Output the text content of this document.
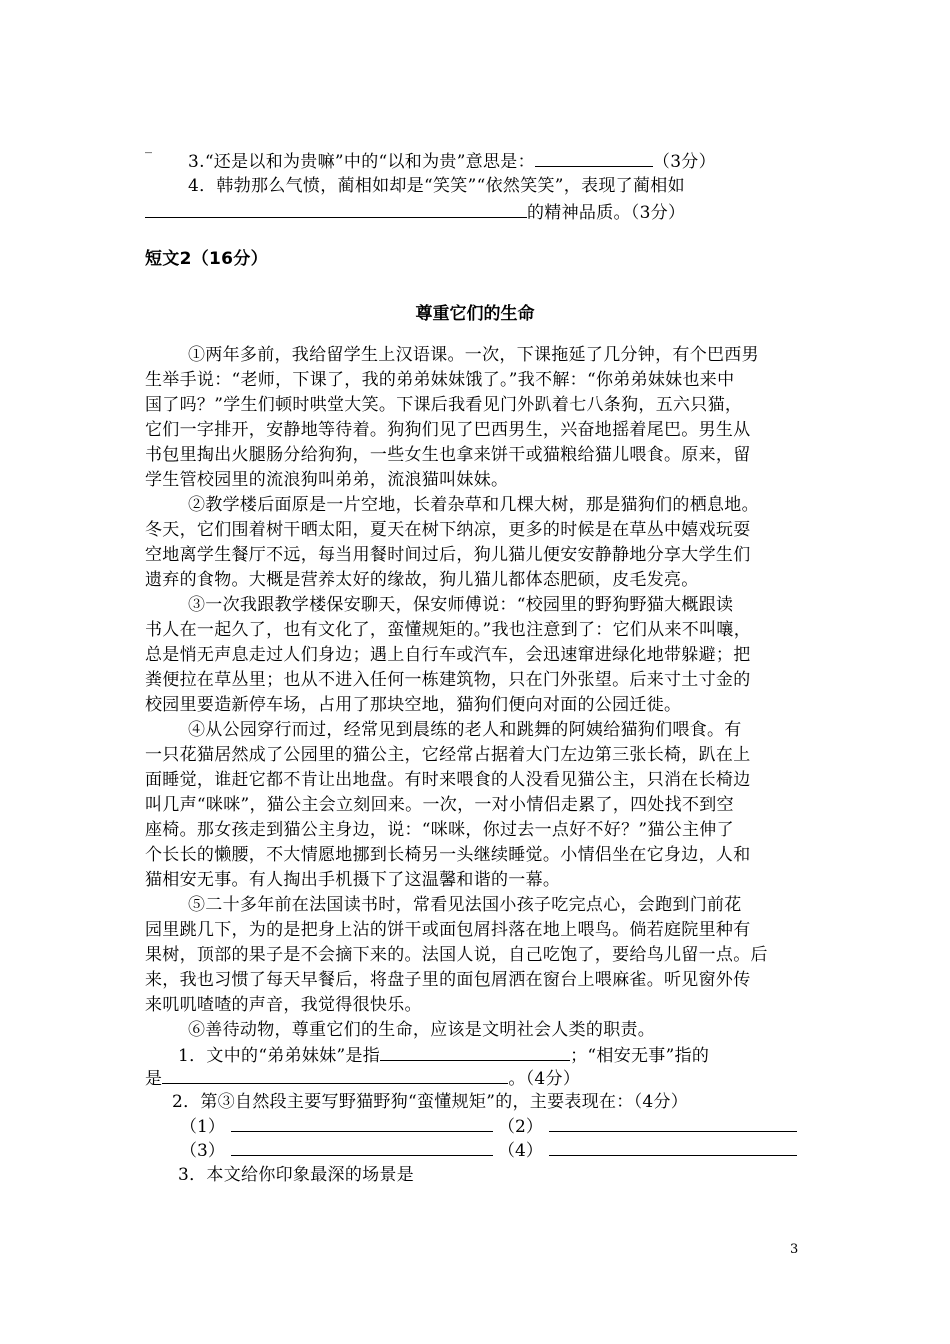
_
3.“还是以和为贵嘛”中的“以和为贵”意思是：	（3分）
4．韩勃那么气愤，蔺相如却是“笑笑”“依然笑笑”，表现了蔺相如
的精神品质。（3分）
短文2（16分）
尊重它们的生命
①两年多前，我给留学生上汉语课。一次，下课拖延了几分钟，有个巴西男
生举手说：“老师，下课了，我的弟弟妹妹饿了。”我不解：“你弟弟妹妹也来中
国了吗？”学生们顿时哄堂大笑。下课后我看见门外趴着七八条狗，五六只猫，
它们一字排开，安静地等待着。狗狗们见了巴西男生，兴奋地摇着尾巴。男生从
书包里掏出火腿肠分给狗狗，一些女生也拿来饼干或猫粮给猫儿喂食。原来，留
学生管校园里的流浪狗叫弟弟，流浪猫叫妹妹。
②教学楼后面原是一片空地，长着杂草和几棵大树，那是猫狗们的栖息地。
冬天，它们围着树干晒太阳，夏天在树下纳凉，更多的时候是在草丛中嬉戏玩耍
空地离学生餐厅不远，每当用餐时间过后，狗儿猫儿便安安静静地分享大学生们
遗弃的食物。大概是营养太好的缘故，狗儿猫儿都体态肥硕，皮毛发亮。
③一次我跟教学楼保安聊天，保安师傅说：“校园里的野狗野猫大概跟读
书人在一起久了，也有文化了，蛮懂规矩的。”我也注意到了：它们从来不叫嚷，
总是悄无声息走过人们身边；遇上自行车或汽车，会迅速窜进绿化地带躲避；把
粪便拉在草丛里；也从不进入任何一栋建筑物，只在门外张望。后来寸土寸金的
校园里要造新停车场，占用了那块空地，猫狗们便向对面的公园迁徙。
④从公园穿行而过，经常见到晨练的老人和跳舞的阿姨给猫狗们喂食。有
一只花猫居然成了公园里的猫公主，它经常占据着大门左边第三张长椅，趴在上
面睡觉，谁赶它都不肯让出地盘。有时来喂食的人没看见猫公主，只消在长椅边
叫几声“咪咪”，猫公主会立刻回来。一次，一对小情侣走累了，四处找不到空
座椅。那女孩走到猫公主身边，说：“咪咪，你过去一点好不好？”猫公主伸了
个长长的懒腰，不大情愿地挪到长椅另一头继续睡觉。小情侣坐在它身边，人和
猫相安无事。有人掏出手机摄下了这温馨和谐的一幕。
⑤二十多年前在法国读书时，常看见法国小孩子吃完点心，会跑到门前花
园里跳几下，为的是把身上沾的饼干或面包屑抖落在地上喂鸟。倘若庭院里种有
果树，顶部的果子是不会摘下来的。法国人说，自己吃饱了，要给鸟儿留一点。后
来，我也习惯了每天早餐后，将盘子里的面包屑洒在窗台上喂麻雀。听见窗外传
来叽叽喳喳的声音，我觉得很快乐。
⑥善待动物，尊重它们的生命，应该是文明社会人类的职责。
1．文中的“弟弟妹妹”是指	；“相安无事”指的
是	。（4分）
2．第③自然段主要写野猫野狗“蛮懂规矩”的，主要表现在：（4分）
（1）	（2）
（3）	（4）
3．本文给你印象最深的场景是
3
